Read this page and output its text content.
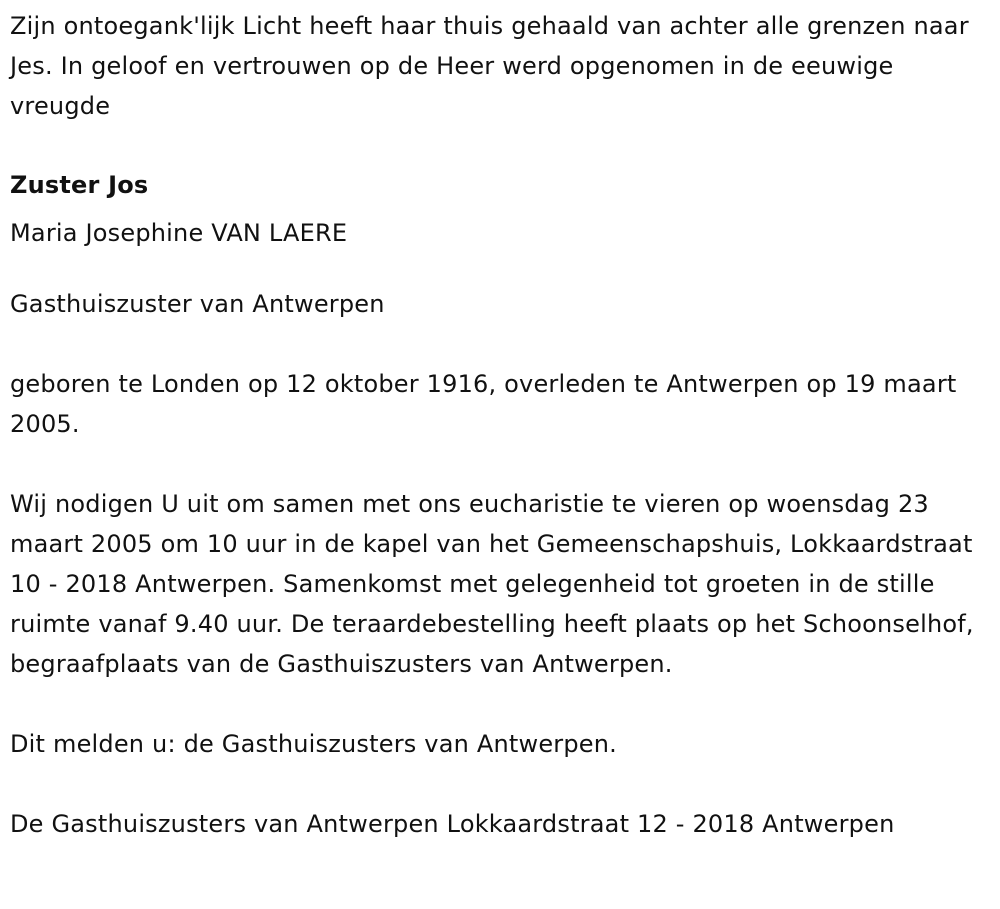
Zijn ontoegank'lijk Licht heeft haar thuis gehaald van achter alle grenzen naar Jes. In geloof en vertrouwen op de Heer werd opgenomen in de eeuwige vreugde

Zuster Jos

Maria Josephine VAN LAERE

Gasthuiszuster van Antwerpen

geboren te Londen op 12 oktober 1916, overleden te Antwerpen op 19 maart 2005.

Wij nodigen U uit om samen met ons eucharistie te vieren op woensdag 23 maart 2005 om 10 uur in de kapel van het Gemeenschapshuis, Lokkaardstraat 10 - 2018 Antwerpen. Samenkomst met gelegenheid tot groeten in de stille ruimte vanaf 9.40 uur. De teraardebestelling heeft plaats op het Schoonselhof, begraafplaats van de Gasthuiszusters van Antwerpen.

Dit melden u: de Gasthuiszusters van Antwerpen.

De Gasthuiszusters van Antwerpen Lokkaardstraat 12 - 2018 Antwerpen
